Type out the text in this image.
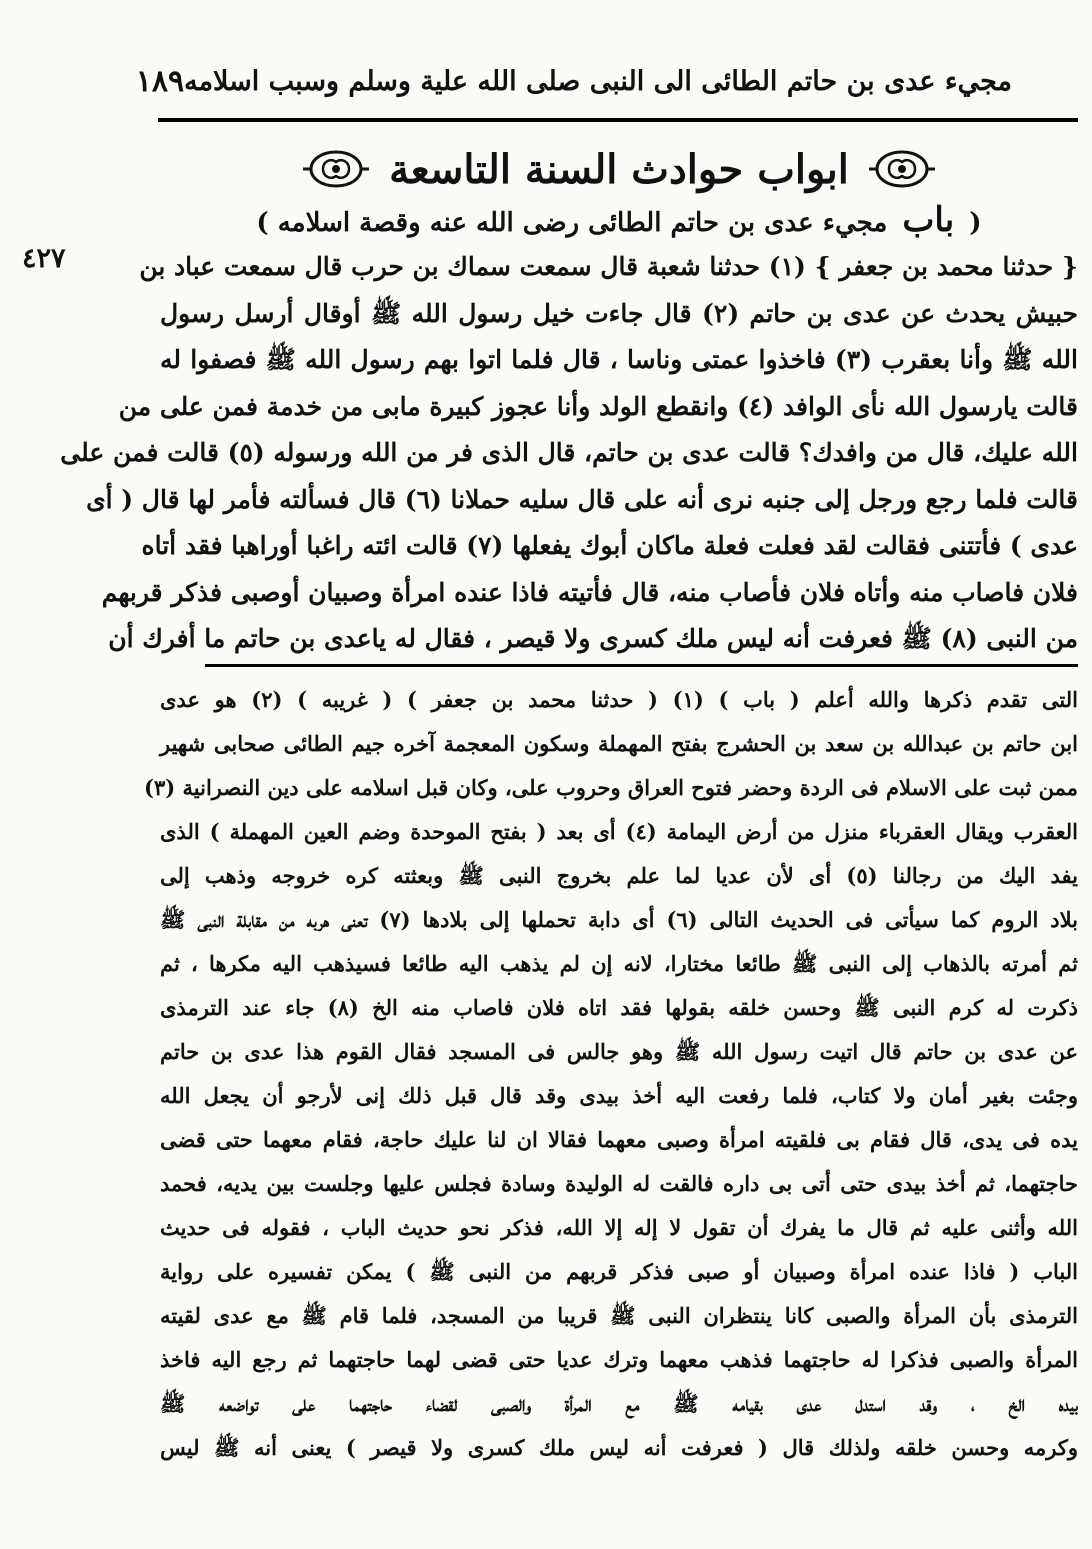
مجيء عدى بن حاتم الطائى الى النبى صلى الله علية وسلم وسبب اسلامه
١٨٩
ابواب حوادث السنة التاسعة
( باب مجيء عدى بن حاتم الطائى رضى الله عنه وقصة اسلامه )
٤٢٧	{ حدثنا محمد بن جعفر } (١) حدثنا شعبة قال سمعت سماك بن حرب قال سمعت عباد بن

حبيش يحدث عن عدى بن حاتم (٢) قال جاءت خيل رسول الله ﷺ أوقال أرسل رسول

الله ﷺ وأنا بعقرب (٣) فاخذوا عمتى وناسا ، قال فلما اتوا بهم رسول الله ﷺ فصفوا له

قالت يارسول الله نأى الوافد (٤) وانقطع الولد وأنا عجوز كبيرة مابى من خدمة فمن على من

الله عليك، قال من وافدك؟ قالت عدى بن حاتم، قال الذى فر من الله ورسوله (٥) قالت فمن على

قالت فلما رجع ورجل إلى جنبه نرى أنه على قال سليه حملانا (٦) قال فسألته فأمر لها قال ( أى

عدى ) فأتتنى فقالت لقد فعلت فعلة ماكان أبوك يفعلها (٧) قالت ائته راغبا أوراهبا فقد أتاه

فلان فاصاب منه وأتاه فلان فأصاب منه، قال فأتيته فاذا عنده امرأة وصبيان أوصبى فذكر قربهم

من النبى (٨) ﷺ فعرفت أنه ليس ملك كسرى ولا قيصر ، فقال له ياعدى بن حاتم ما أفرك أن

التى تقدم ذكرها والله أعلم ( باب ) (١) ( حدثنا محمد بن جعفر ) ( غريبه ) (٢) هو عدى

ابن حاتم بن عبدالله بن سعد بن الحشرج بفتح المهملة وسكون المعجمة آخره جيم الطائى صحابى شهير

ممن ثبت على الاسلام فى الردة وحضر فتوح العراق وحروب على، وكان قبل اسلامه على دين النصرانية (٣)

العقرب ويقال العقرباء منزل من أرض اليمامة (٤) أى بعد ( بفتح الموحدة وضم العين المهملة ) الذى

يفد اليك من رجالنا (٥) أى لأن عديا لما علم بخروج النبى ﷺ وبعثته كره خروجه وذهب إلى

بلاد الروم كما سيأتى فى الحديث التالى (٦) أى دابة تحملها إلى بلادها (٧) تعنى هربه من مقابلة النبى ﷺ

ثم أمرته بالذهاب إلى النبى ﷺ طائعا مختارا، لانه إن لم يذهب اليه طائعا فسيذهب اليه مكرها ، ثم

ذكرت له كرم النبى ﷺ وحسن خلقه بقولها فقد اتاه فلان فاصاب منه الخ (٨) جاء عند الترمذى

عن عدى بن حاتم قال اتيت رسول الله ﷺ وهو جالس فى المسجد فقال القوم هذا عدى بن حاتم

وجئت بغير أمان ولا كتاب، فلما رفعت اليه أخذ بيدى وقد قال قبل ذلك إنى لأرجو أن يجعل الله

يده فى يدى، قال فقام بى فلقيته امرأة وصبى معهما فقالا ان لنا عليك حاجة، فقام معهما حتى قضى

حاجتهما، ثم أخذ بيدى حتى أتى بى داره فالقت له الوليدة وسادة فجلس عليها وجلست بين يديه، فحمد

الله وأثنى عليه ثم قال ما يفرك أن تقول لا إله إلا الله، فذكر نحو حديث الباب ، فقوله فى حديث

الباب ( فاذا عنده امرأة وصبيان أو صبى فذكر قربهم من النبى ﷺ ) يمكن تفسيره على رواية

الترمذى بأن المرأة والصبى كانا ينتظران النبى ﷺ قريبا من المسجد، فلما قام ﷺ مع عدى لقيته

المرأة والصبى فذكرا له حاجتهما فذهب معهما وترك عديا حتى قضى لهما حاجتهما ثم رجع اليه فاخذ

بيده الخ ، وقد استدل عدى بقيامه ﷺ مع المرأة والصبى لقضاء حاجتهما على تواضعه ﷺ

وكرمه وحسن خلقه ولذلك قال ( فعرفت أنه ليس ملك كسرى ولا قيصر ) يعنى أنه ﷺ ليس
